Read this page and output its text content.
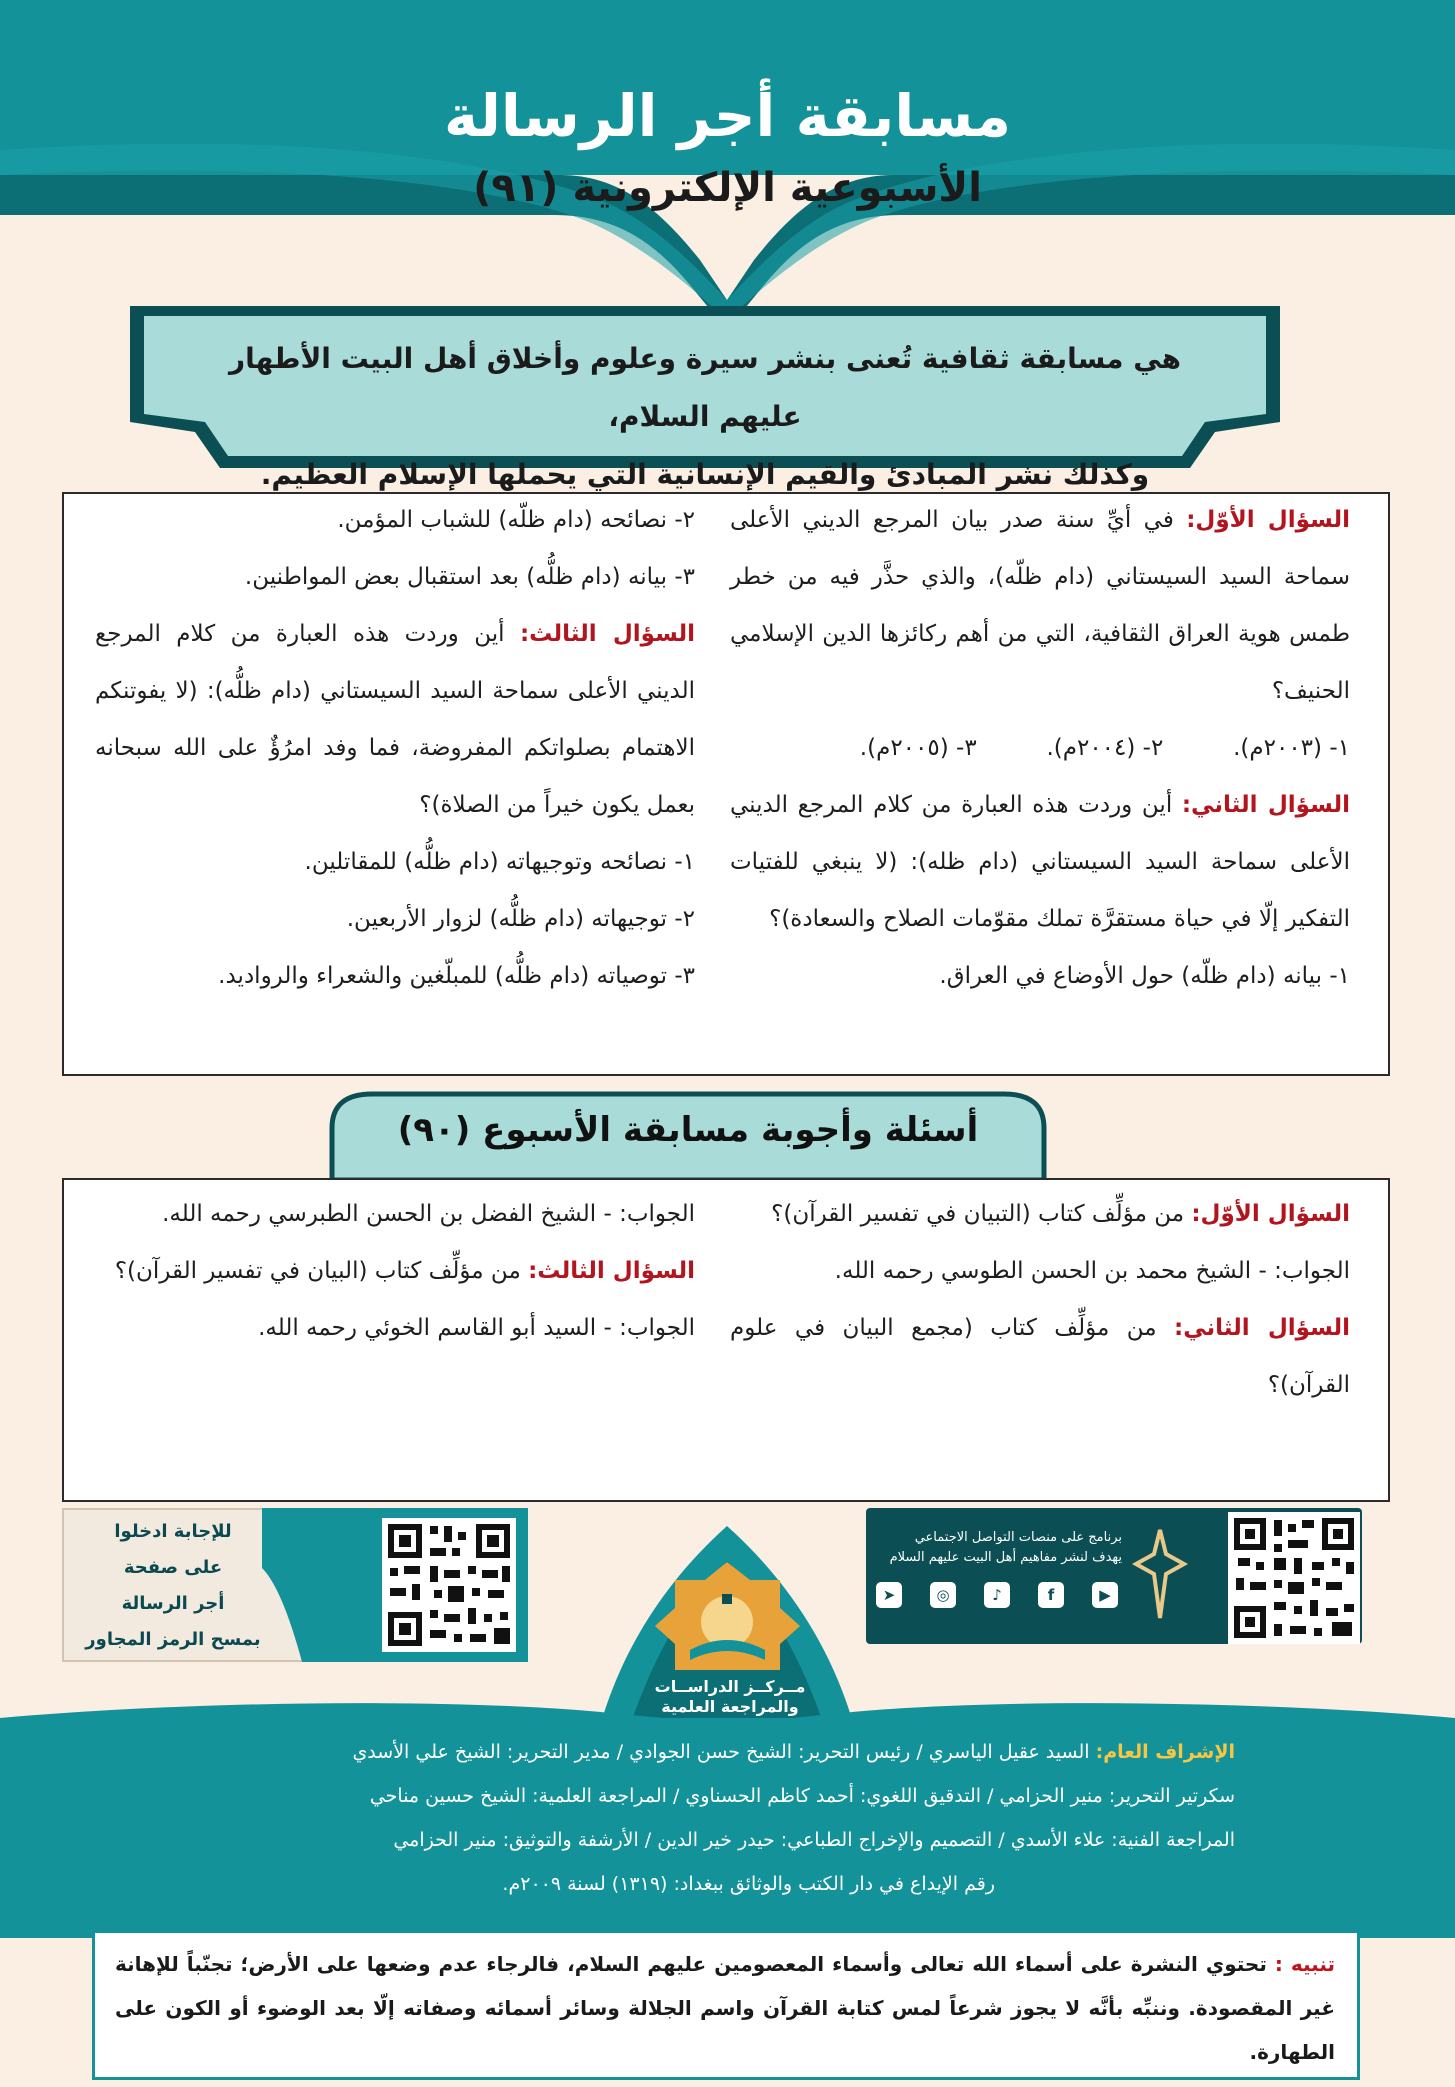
مسابقة أجر الرسالة
الأسبوعية الإلكترونية (٩١)
هي مسابقة ثقافية تُعنى بنشر سيرة وعلوم وأخلاق أهل البيت الأطهار عليهم السلام،
وكذلك نشر المبادئ والقيم الإنسانية التي يحملها الإسلام العظيم.
السؤال الأوّل: في أيِّ سنة صدر بيان المرجع الديني الأعلى سماحة السيد السيستاني (دام ظلّه)، والذي حذَّر فيه من خطر طمس هوية العراق الثقافية، التي من أهم ركائزها الدين الإسلامي الحنيف؟
١- (٢٠٠٣م).
٢- (٢٠٠٤م).
٣- (٢٠٠٥م).
السؤال الثاني: أين وردت هذه العبارة من كلام المرجع الديني الأعلى سماحة السيد السيستاني (دام ظله): (لا ينبغي للفتيات التفكير إلّا في حياة مستقرَّة تملك مقوّمات الصلاح والسعادة)؟
١- بيانه (دام ظلّه) حول الأوضاع في العراق.
٢- نصائحه (دام ظلّه) للشباب المؤمن.
٣- بيانه (دام ظلُّه) بعد استقبال بعض المواطنين.
السؤال الثالث: أين وردت هذه العبارة من كلام المرجع الديني الأعلى سماحة السيد السيستاني (دام ظلُّه): (لا يفوتنكم الاهتمام بصلواتكم المفروضة، فما وفد امرُؤٌ على الله سبحانه بعمل يكون خيراً من الصلاة)؟
١- نصائحه وتوجيهاته (دام ظلُّه) للمقاتلين.
٢- توجيهاته (دام ظلُّه) لزوار الأربعين.
٣- توصياته (دام ظلُّه) للمبلّغين والشعراء والرواديد.
أسئلة وأجوبة مسابقة الأسبوع (٩٠)
السؤال الأوّل: من مؤلِّف كتاب (التبيان في تفسير القرآن)؟
الجواب: - الشيخ محمد بن الحسن الطوسي رحمه الله.
السؤال الثاني: من مؤلِّف كتاب (مجمع البيان في علوم القرآن)؟
الجواب: - الشيخ الفضل بن الحسن الطبرسي رحمه الله.
السؤال الثالث: من مؤلِّف كتاب (البيان في تفسير القرآن)؟
الجواب: - السيد أبو القاسم الخوئي رحمه الله.
مــركــز الدراســات
والمراجعة العلمية
للإجابة ادخلوا
على صفحة
أجر الرسالة
بمسح الرمز المجاور
برنامج على منصات التواصل الاجتماعي
يهدف لنشر مفاهيم أهل البيت عليهم السلام
▶
f
♪
◎
➤
الإشراف العام: السيد عقيل الياسري / رئيس التحرير: الشيخ حسن الجوادي / مدير التحرير: الشيخ علي الأسدي
سكرتير التحرير: منير الحزامي / التدقيق اللغوي: أحمد كاظم الحسناوي / المراجعة العلمية: الشيخ حسين مناحي
المراجعة الفنية: علاء الأسدي / التصميم والإخراج الطباعي: حيدر خير الدين / الأرشفة والتوثيق: منير الحزامي
رقم الإيداع في دار الكتب والوثائق ببغداد: (١٣١٩) لسنة ٢٠٠٩م.
تنبيه : تحتوي النشرة على أسماء الله تعالى وأسماء المعصومين عليهم السلام، فالرجاء عدم وضعها على الأرض؛ تجنّباً للإهانة غير المقصودة. وننبِّه بأنَّه لا يجوز شرعاً لمس كتابة القرآن واسم الجلالة وسائر أسمائه وصفاته إلّا بعد الوضوء أو الكون على الطهارة.
